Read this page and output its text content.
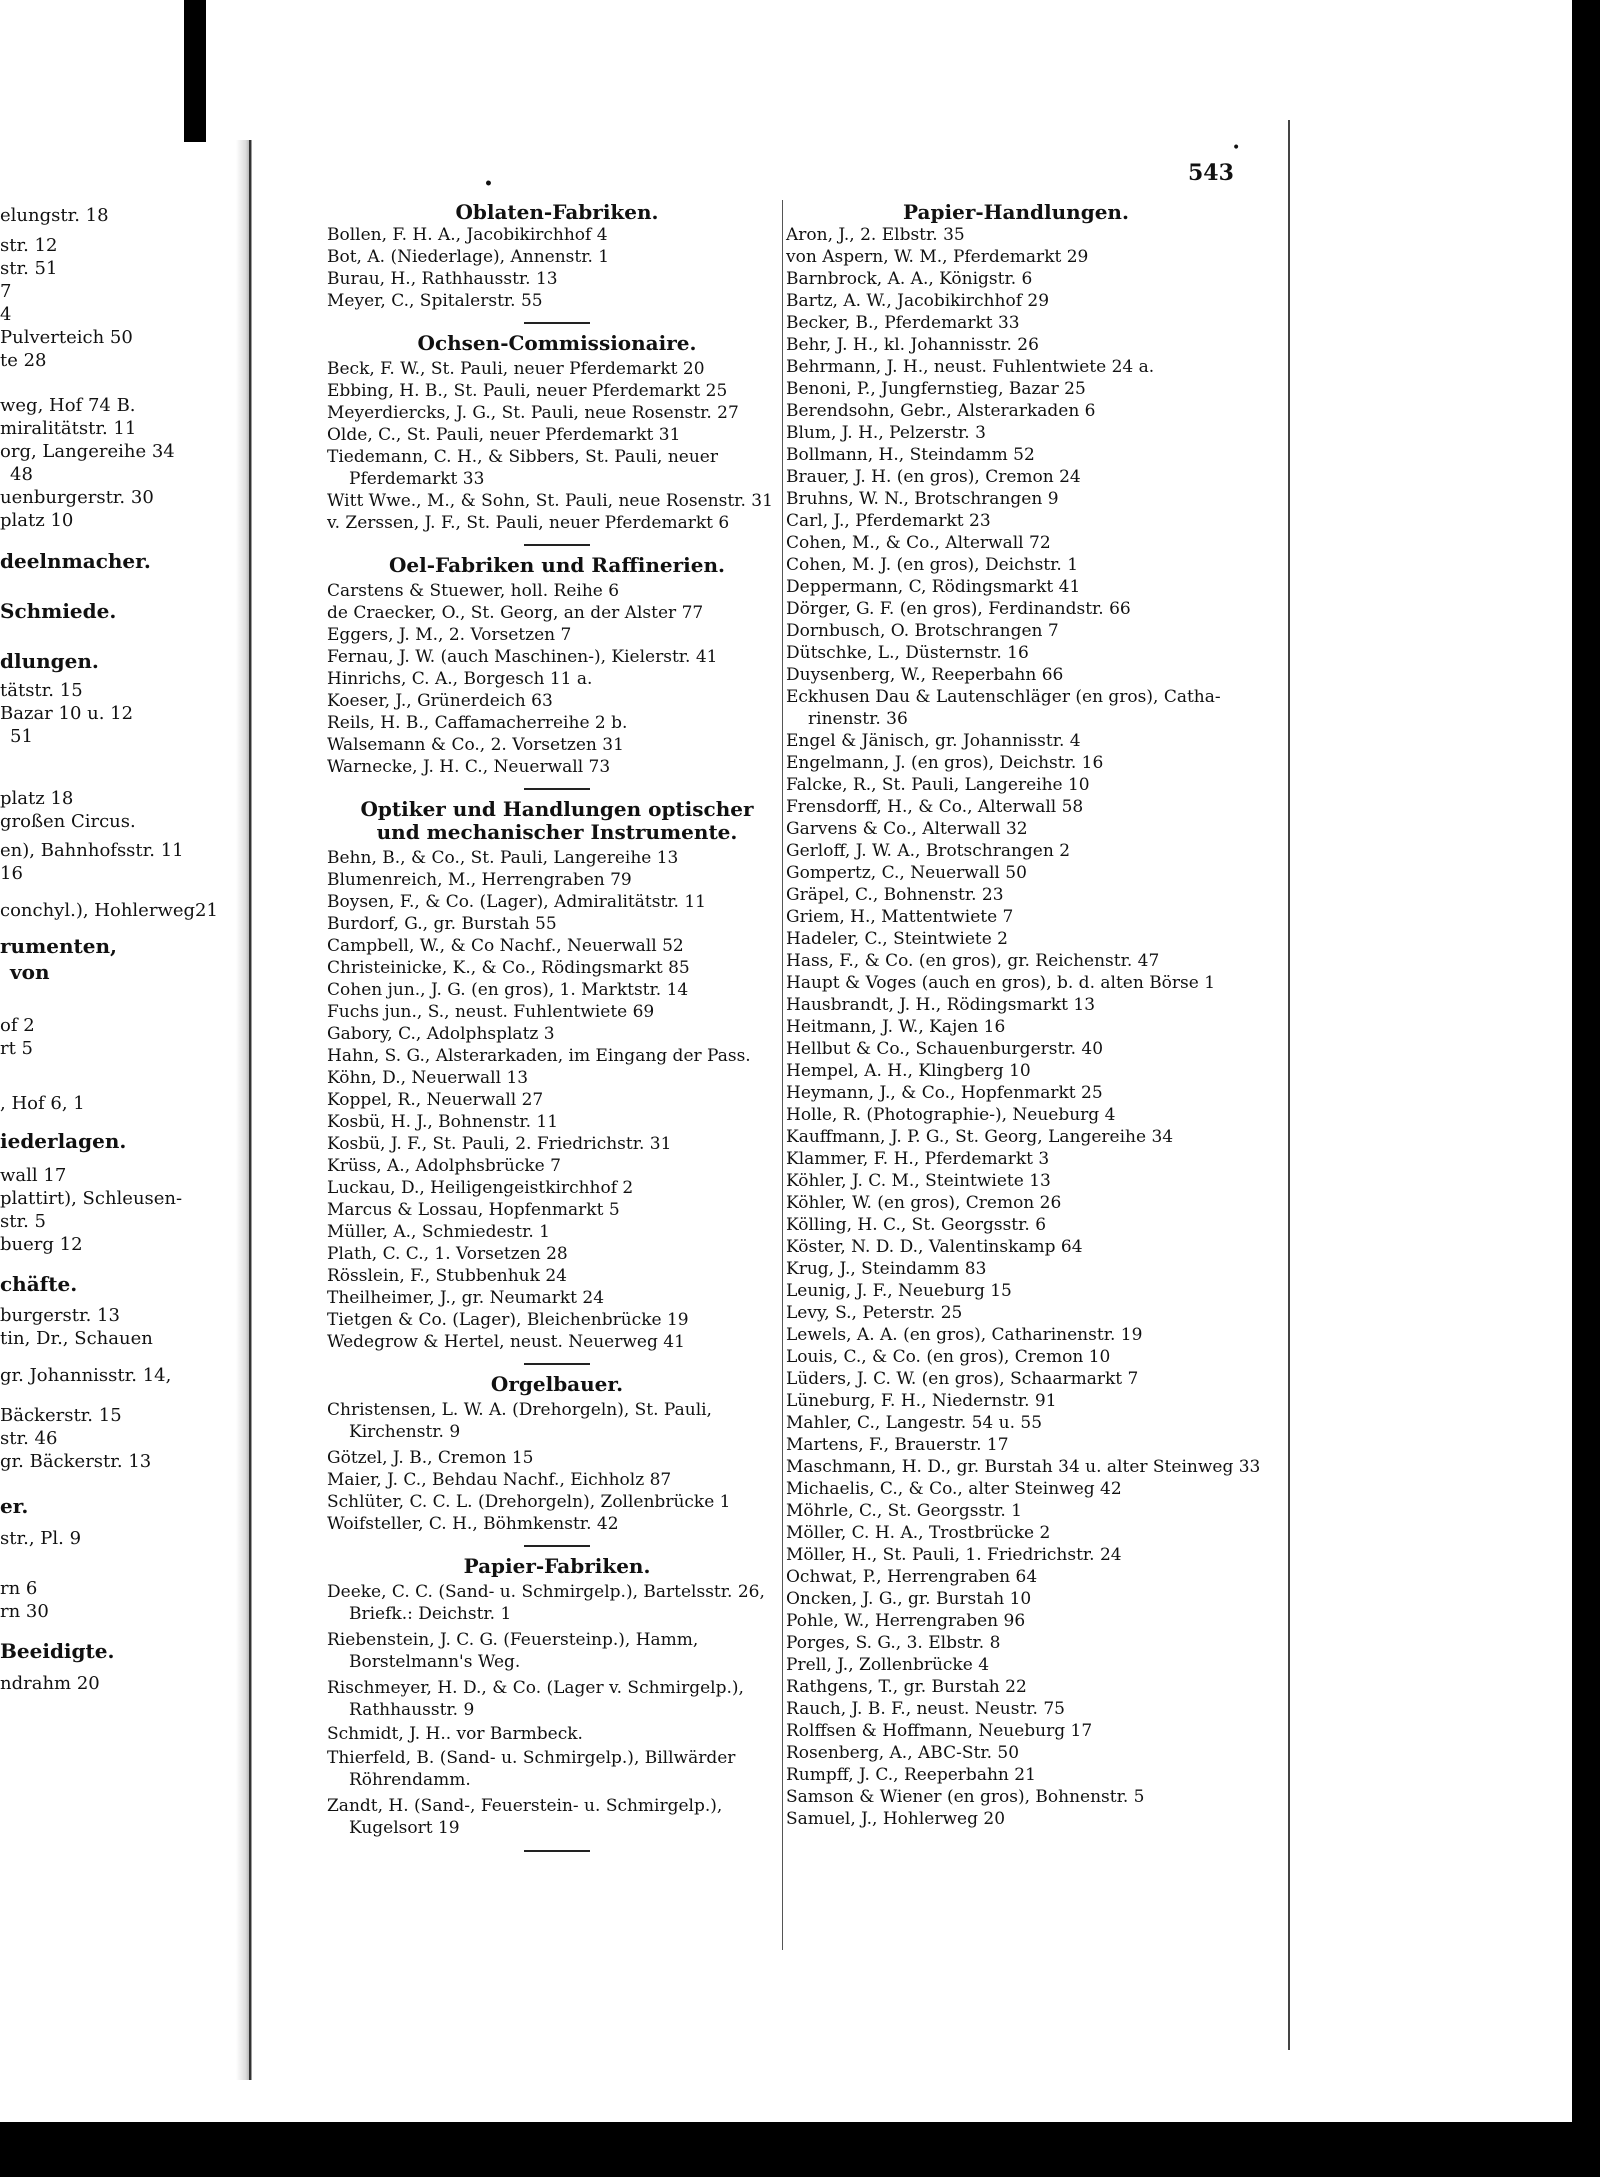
elungstr. 18
str. 12
str. 51
7
4
Pulverteich 50
te 28
weg, Hof 74 B.
miralitätstr. 11
org, Langereihe 34
48
uenburgerstr. 30
platz 10
deelnmacher.
Schmiede.
dlungen.
tätstr. 15
Bazar 10 u. 12
51
platz 18
großen Circus.
en), Bahnhofsstr. 11
16
conchyl.), Hohlerweg21
rumenten,
von
of 2
rt 5
, Hof 6, 1
iederlagen.
wall 17
plattirt), Schleusen-
str. 5
buerg 12
chäfte.
burgerstr. 13
tin, Dr., Schauen
gr. Johannisstr. 14,
Bäckerstr. 15
str. 46
gr. Bäckerstr. 13
er.
str., Pl. 9
rn 6
rn 30
Beeidigte.
ndrahm 20
543
•
•
Oblaten-Fabriken.
Bollen, F. H. A., Jacobikirchhof 4
Bot, A. (Niederlage), Annenstr. 1
Burau, H., Rathhausstr. 13
Meyer, C., Spitalerstr. 55
Ochsen-Commissionaire.
Beck, F. W., St. Pauli, neuer Pferdemarkt 20
Ebbing, H. B., St. Pauli, neuer Pferdemarkt 25
Meyerdiercks, J. G., St. Pauli, neue Rosenstr. 27
Olde, C., St. Pauli, neuer Pferdemarkt 31
Tiedemann, C. H., & Sibbers, St. Pauli, neuer
Pferdemarkt 33
Witt Wwe., M., & Sohn, St. Pauli, neue Rosenstr. 31
v. Zerssen, J. F., St. Pauli, neuer Pferdemarkt 6
Oel-Fabriken und Raffinerien.
Carstens & Stuewer, holl. Reihe 6
de Craecker, O., St. Georg, an der Alster 77
Eggers, J. M., 2. Vorsetzen 7
Fernau, J. W. (auch Maschinen-), Kielerstr. 41
Hinrichs, C. A., Borgesch 11 a.
Koeser, J., Grünerdeich 63
Reils, H. B., Caffamacherreihe 2 b.
Walsemann & Co., 2. Vorsetzen 31
Warnecke, J. H. C., Neuerwall 73
Optiker und Handlungen optischer
und mechanischer Instrumente.
Behn, B., & Co., St. Pauli, Langereihe 13
Blumenreich, M., Herrengraben 79
Boysen, F., & Co. (Lager), Admiralitätstr. 11
Burdorf, G., gr. Burstah 55
Campbell, W., & Co Nachf., Neuerwall 52
Christeinicke, K., & Co., Rödingsmarkt 85
Cohen jun., J. G. (en gros), 1. Marktstr. 14
Fuchs jun., S., neust. Fuhlentwiete 69
Gabory, C., Adolphsplatz 3
Hahn, S. G., Alsterarkaden, im Eingang der Pass.
Köhn, D., Neuerwall 13
Koppel, R., Neuerwall 27
Kosbü, H. J., Bohnenstr. 11
Kosbü, J. F., St. Pauli, 2. Friedrichstr. 31
Krüss, A., Adolphsbrücke 7
Luckau, D., Heiligengeistkirchhof 2
Marcus & Lossau, Hopfenmarkt 5
Müller, A., Schmiedestr. 1
Plath, C. C., 1. Vorsetzen 28
Rösslein, F., Stubbenhuk 24
Theilheimer, J., gr. Neumarkt 24
Tietgen & Co. (Lager), Bleichenbrücke 19
Wedegrow & Hertel, neust. Neuerweg 41
Orgelbauer.
Christensen, L. W. A. (Drehorgeln), St. Pauli,
Kirchenstr. 9
Götzel, J. B., Cremon 15
Maier, J. C., Behdau Nachf., Eichholz 87
Schlüter, C. C. L. (Drehorgeln), Zollenbrücke 1
Woifsteller, C. H., Böhmkenstr. 42
Papier-Fabriken.
Deeke, C. C. (Sand- u. Schmirgelp.), Bartelsstr. 26,
Briefk.: Deichstr. 1
Riebenstein, J. C. G. (Feuersteinp.), Hamm,
Borstelmann's Weg.
Rischmeyer, H. D., & Co. (Lager v. Schmirgelp.),
Rathhausstr. 9
Schmidt, J. H.. vor Barmbeck.
Thierfeld, B. (Sand- u. Schmirgelp.), Billwärder
Röhrendamm.
Zandt, H. (Sand-, Feuerstein- u. Schmirgelp.),
Kugelsort 19
Papier-Handlungen.
Aron, J., 2. Elbstr. 35
von Aspern, W. M., Pferdemarkt 29
Barnbrock, A. A., Königstr. 6
Bartz, A. W., Jacobikirchhof 29
Becker, B., Pferdemarkt 33
Behr, J. H., kl. Johannisstr. 26
Behrmann, J. H., neust. Fuhlentwiete 24 a.
Benoni, P., Jungfernstieg, Bazar 25
Berendsohn, Gebr., Alsterarkaden 6
Blum, J. H., Pelzerstr. 3
Bollmann, H., Steindamm 52
Brauer, J. H. (en gros), Cremon 24
Bruhns, W. N., Brotschrangen 9
Carl, J., Pferdemarkt 23
Cohen, M., & Co., Alterwall 72
Cohen, M. J. (en gros), Deichstr. 1
Deppermann, C, Rödingsmarkt 41
Dörger, G. F. (en gros), Ferdinandstr. 66
Dornbusch, O. Brotschrangen 7
Dütschke, L., Düsternstr. 16
Duysenberg, W., Reeperbahn 66
Eckhusen Dau & Lautenschläger (en gros), Catha-
rinenstr. 36
Engel & Jänisch, gr. Johannisstr. 4
Engelmann, J. (en gros), Deichstr. 16
Falcke, R., St. Pauli, Langereihe 10
Frensdorff, H., & Co., Alterwall 58
Garvens & Co., Alterwall 32
Gerloff, J. W. A., Brotschrangen 2
Gompertz, C., Neuerwall 50
Gräpel, C., Bohnenstr. 23
Griem, H., Mattentwiete 7
Hadeler, C., Steintwiete 2
Hass, F., & Co. (en gros), gr. Reichenstr. 47
Haupt & Voges (auch en gros), b. d. alten Börse 1
Hausbrandt, J. H., Rödingsmarkt 13
Heitmann, J. W., Kajen 16
Hellbut & Co., Schauenburgerstr. 40
Hempel, A. H., Klingberg 10
Heymann, J., & Co., Hopfenmarkt 25
Holle, R. (Photographie-), Neueburg 4
Kauffmann, J. P. G., St. Georg, Langereihe 34
Klammer, F. H., Pferdemarkt 3
Köhler, J. C. M., Steintwiete 13
Köhler, W. (en gros), Cremon 26
Kölling, H. C., St. Georgsstr. 6
Köster, N. D. D., Valentinskamp 64
Krug, J., Steindamm 83
Leunig, J. F., Neueburg 15
Levy, S., Peterstr. 25
Lewels, A. A. (en gros), Catharinenstr. 19
Louis, C., & Co. (en gros), Cremon 10
Lüders, J. C. W. (en gros), Schaarmarkt 7
Lüneburg, F. H., Niedernstr. 91
Mahler, C., Langestr. 54 u. 55
Martens, F., Brauerstr. 17
Maschmann, H. D., gr. Burstah 34 u. alter Steinweg 33
Michaelis, C., & Co., alter Steinweg 42
Möhrle, C., St. Georgsstr. 1
Möller, C. H. A., Trostbrücke 2
Möller, H., St. Pauli, 1. Friedrichstr. 24
Ochwat, P., Herrengraben 64
Oncken, J. G., gr. Burstah 10
Pohle, W., Herrengraben 96
Porges, S. G., 3. Elbstr. 8
Prell, J., Zollenbrücke 4
Rathgens, T., gr. Burstah 22
Rauch, J. B. F., neust. Neustr. 75
Rolffsen & Hoffmann, Neueburg 17
Rosenberg, A., ABC-Str. 50
Rumpff, J. C., Reeperbahn 21
Samson & Wiener (en gros), Bohnenstr. 5
Samuel, J., Hohlerweg 20
